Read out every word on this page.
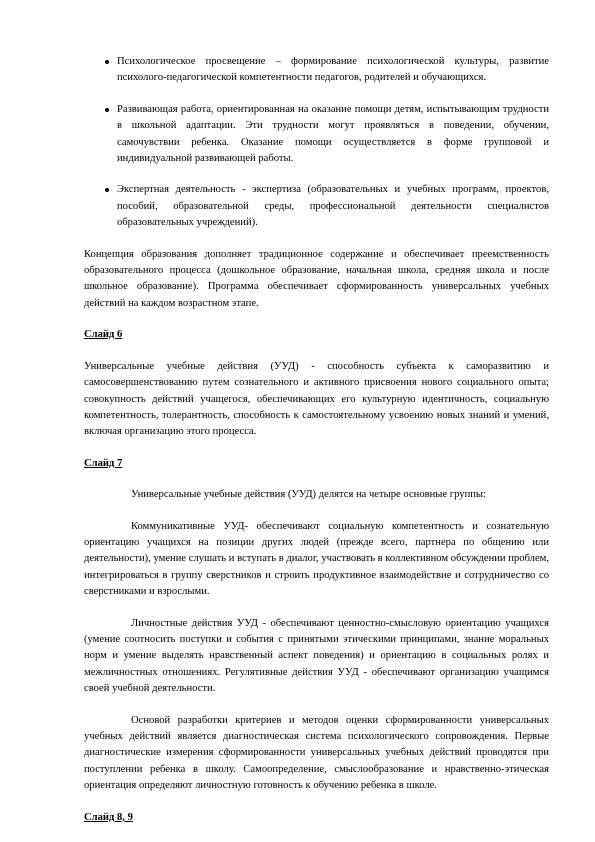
Психологическое просвещение – формирование психологической культуры, развитие психолого-педагогической компетентности педагогов, родителей и обучающихся.
Развивающая работа, ориентированная на оказание помощи детям, испытывающим трудности в школьной адаптации. Эти трудности могут проявляться в поведении, обучении, самочувствии ребенка. Оказание помощи осуществляется в форме групповой и индивидуальной развивающей работы.
Экспертная деятельность - экспертиза (образовательных и учебных программ, проектов, пособий, образовательной среды, профессиональной деятельности специалистов образовательных учреждений).

Концепция образования дополняет традиционное содержание и обеспечивает преемственность образовательного процесса (дошкольное образование, начальная школа, средняя школа и после школьное образование). Программа обеспечивает сформированность универсальных учебных действий на каждом возрастном этапе.

Слайд 6

Универсальные учебные действия (УУД) - способность субъекта к саморазвитию и самосовершенствованию путем сознательного и активного присвоения нового социального опыта; совокупность действий учащегося, обеспечивающих его культурную идентичность, социальную компетентность, толерантность, способность к самостоятельному усвоению новых знаний и умений, включая организацию этого процесса.

Слайд 7

Универсальные учебные действия (УУД) делятся на четыре основные группы:

Коммуникативные УУД- обеспечивают социальную компетентность и сознательную ориентацию учащихся на позиции других людей (прежде всего, партнера по общению или деятельности), умение слушать и вступать в диалог, участвовать в коллективном обсуждении проблем, интегрироваться в группу сверстников и строить продуктивное взаимодействие и сотрудничество со сверстниками и взрослыми.

Личностные действия УУД - обеспечивают ценностно-смысловую ориентацию учащихся (умение соотносить поступки и события с принятыми этическими принципами, знание моральных норм и умение выделять нравственный аспект поведения) и ориентацию в социальных ролях и межличностных отношениях. Регулятивные действия УУД - обеспечивают организацию учащимся своей учебной деятельности.

Основой разработки критериев и методов оценки сформированности универсальных учебных действий является диагностическая система психологического сопровождения. Первые диагностические измерения сформированности универсальных учебных действий проводятся при поступлении ребенка в школу. Самоопределение, смыслообразование и нравственно-этическая ориентация определяют личностную готовность к обучению ребенка в школе.

Слайд 8, 9
